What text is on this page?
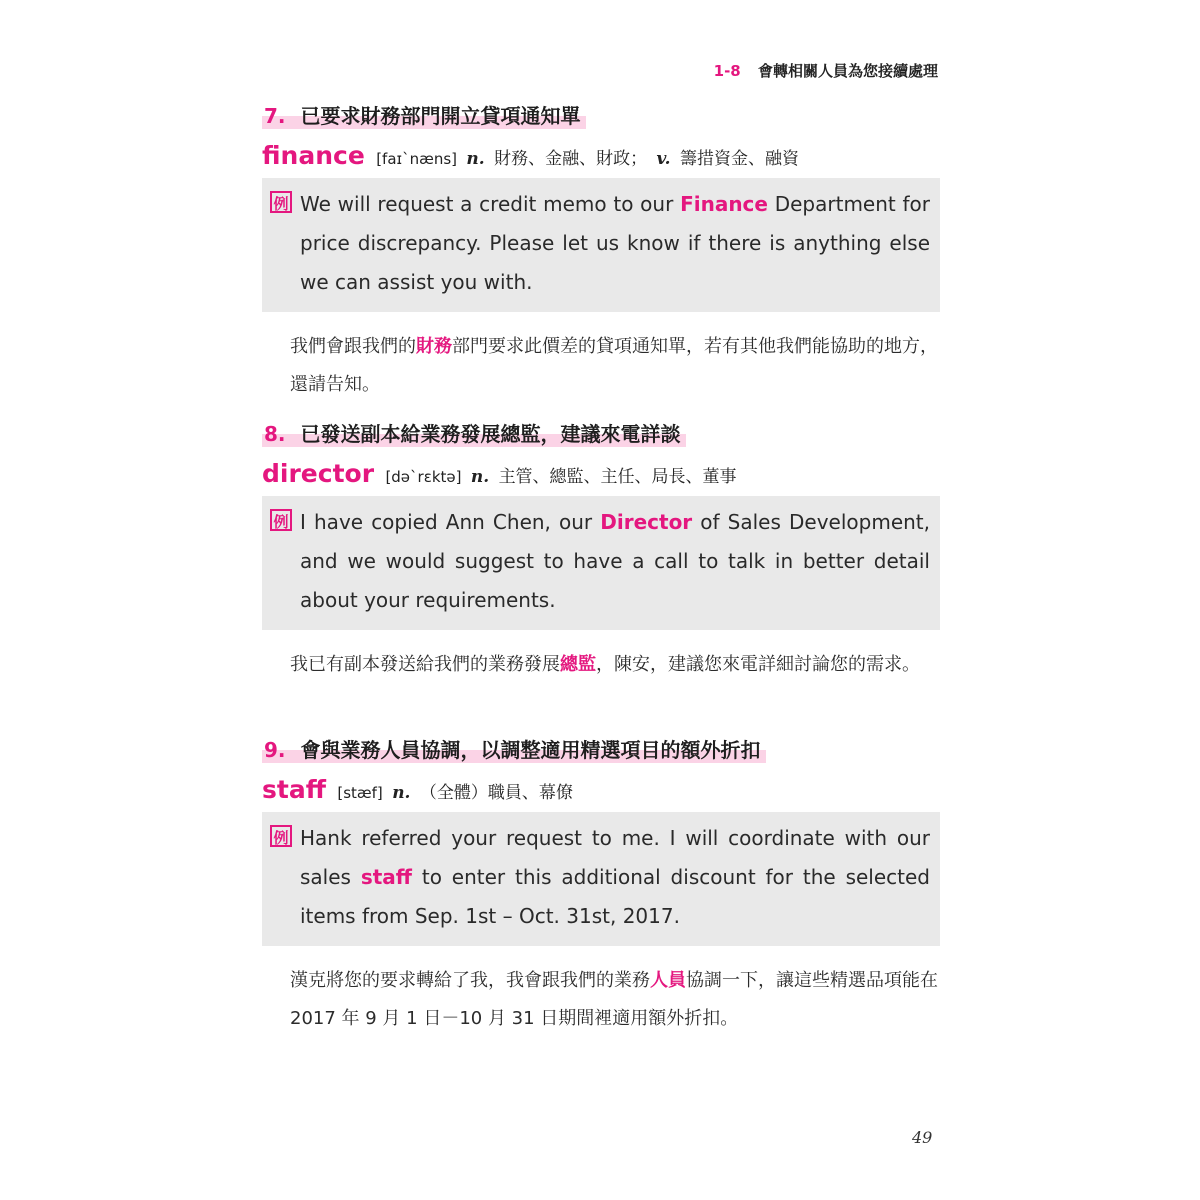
1-8 會轉相關人員為您接續處理
7. 已要求財務部門開立貸項通知單
finance [faɪˋnæns] n. 財務、金融、財政； v. 籌措資金、融資
例 We will request a credit memo to our Finance Department for price discrepancy. Please let us know if there is anything else we can assist you with.
我們會跟我們的財務部門要求此價差的貸項通知單，若有其他我們能協助的地方，還請告知。
8. 已發送副本給業務發展總監，建議來電詳談
director [dəˋrɛktə] n. 主管、總監、主任、局長、董事
例 I have copied Ann Chen, our Director of Sales Development, and we would suggest to have a call to talk in better detail about your requirements.
我已有副本發送給我們的業務發展總監，陳安，建議您來電詳細討論您的需求。
9. 會與業務人員協調，以調整適用精選項目的額外折扣
staff [stæf] n. （全體）職員、幕僚
例 Hank referred your request to me. I will coordinate with our sales staff to enter this additional discount for the selected items from Sep. 1st – Oct. 31st, 2017.
漢克將您的要求轉給了我，我會跟我們的業務人員協調一下，讓這些精選品項能在 2017 年 9 月 1 日－10 月 31 日期間裡適用額外折扣。
49
